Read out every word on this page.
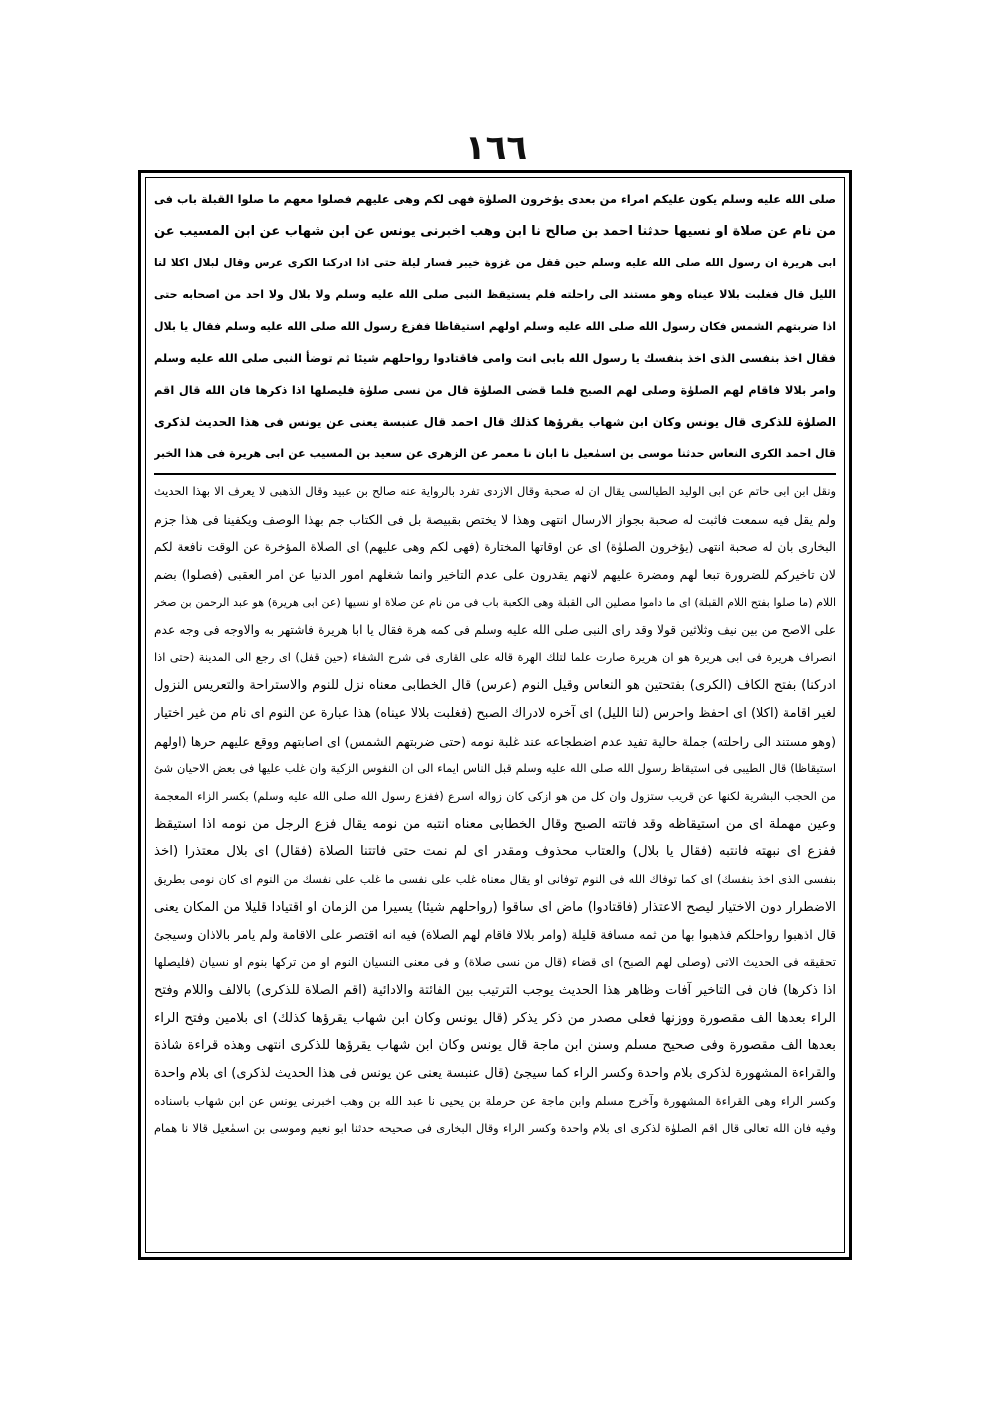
١٦٦
صلى الله عليه وسلم يكون عليكم امراء من بعدى يؤخرون الصلوٰة فهى لكم وهى عليهم فصلوا معهم ما صلوا القبلة باب فى
من نام عن صلاة او نسيها حدثنا احمد بن صالح نا ابن وهب اخبرنى يونس عن ابن شهاب عن ابن المسيب عن
ابى هريرة ان رسول الله صلى الله عليه وسلم حين قفل من غزوة خيبر فسار ليلة حتى اذا ادركنا الكرى عرس وقال لبلال اكلا لنا
الليل قال فغلبت بلالا عيناه وهو مستند الى راحلته فلم يستيقظ النبى صلى الله عليه وسلم ولا بلال ولا احد من اصحابه حتى
اذا ضربتهم الشمس فكان رسول الله صلى الله عليه وسلم اولهم استيقاظا ففزع رسول الله صلى الله عليه وسلم فقال يا بلال
فقال اخذ بنفسى الذى اخذ بنفسك يا رسول الله بابى انت وامى فاقتادوا رواحلهم شيئا ثم توضأ النبى صلى الله عليه وسلم
وامر بلالا فاقام لهم الصلوٰة وصلى لهم الصبح فلما قضى الصلوٰة قال من نسى صلوٰة فليصلها اذا ذكرها فان الله قال اقم
الصلوٰة للذكرى قال يونس وكان ابن شهاب يقرؤها كذلك قال احمد قال عنبسة يعنى عن يونس فى هذا الحديث لذكرى
قال احمد الكرى النعاس حدثنا موسى بن اسمٰعيل نا ابان نا معمر عن الزهرى عن سعيد بن المسيب عن ابى هريرة فى هذا الخبر
ونقل ابن ابى حاتم عن ابى الوليد الطيالسى يقال ان له صحبة وقال الازدى تفرد بالرواية عنه صالح بن عبيد وقال الذهبى لا يعرف الا بهذا الحديث
ولم يقل فيه سمعت فاثبت له صحبة بجواز الارسال انتهى وهذا لا يختص بقبيصة بل فى الكتاب جم بهذا الوصف ويكفينا فى هذا جزم
البخارى بان له صحبة انتهى (يؤخرون الصلوٰة) اى عن اوقاتها المختارة (فهى لكم وهى عليهم) اى الصلاة المؤخرة عن الوقت نافعة لكم
لان تاخيركم للضرورة تبعا لهم ومضرة عليهم لانهم يقدرون على عدم التاخير وانما شغلهم امور الدنيا عن امر العقبى (فصلوا) بضم
اللام (ما صلوا بفتح اللام القبلة) اى ما داموا مصلين الى القبلة وهى الكعبة باب فى من نام عن صلاة او نسيها (عن ابى هريرة) هو عبد الرحمن بن صخر
على الاصح من بين نيف وثلاثين قولا وقد راى النبى صلى الله عليه وسلم فى كمه هرة فقال يا ابا هريرة فاشتهر به والاوجه فى وجه عدم
انصراف هريرة فى ابى هريرة هو ان هريرة صارت علما لتلك الهرة قاله على القارى فى شرح الشفاء (حين قفل) اى رجع الى المدينة (حتى اذا
ادركنا) بفتح الكاف (الكرى) بفتحتين هو النعاس وقيل النوم (عرس) قال الخطابى معناه نزل للنوم والاستراحة والتعريس النزول
لغير اقامة (اكلا) اى احفظ واحرس (لنا الليل) اى آخره لادراك الصبح (فغلبت بلالا عيناه) هذا عبارة عن النوم اى نام من غير اختيار
(وهو مستند الى راحلته) جملة حالية تفيد عدم اضطجاعه عند غلبة نومه (حتى ضربتهم الشمس) اى اصابتهم ووقع عليهم حرها (اولهم
استيقاظا) قال الطيبى فى استيقاظ رسول الله صلى الله عليه وسلم قبل الناس ايماء الى ان النفوس الزكية وان غلب عليها فى بعض الاحيان شئ
من الحجب البشرية لكنها عن قريب ستزول وان كل من هو ازكى كان زواله اسرع (ففزع رسول الله صلى الله عليه وسلم) بكسر الزاء المعجمة
وعين مهملة اى من استيقاظه وقد فاتته الصبح وقال الخطابى معناه انتبه من نومه يقال فزع الرجل من نومه اذا استيقظ
ففزع اى نبهته فانتبه (فقال يا بلال) والعتاب محذوف ومقدر اى لم نمت حتى فاتتنا الصلاة (فقال) اى بلال معتذرا (اخذ
بنفسى الذى اخذ بنفسك) اى كما توفاك الله فى النوم توفانى او يقال معناه غلب على نفسى ما غلب على نفسك من النوم اى كان نومى بطريق
الاضطرار دون الاختيار ليصح الاعتذار (فاقتادوا) ماض اى ساقوا (رواحلهم شيئا) يسيرا من الزمان او اقتيادا قليلا من المكان يعنى
قال اذهبوا رواحلكم فذهبوا بها من ثمه مسافة قليلة (وامر بلالا فاقام لهم الصلاة) فيه انه اقتصر على الاقامة ولم يامر بالاذان وسيجئ
تحقيقه فى الحديث الاتى (وصلى لهم الصبح) اى قضاء (قال من نسى صلاة) و فى معنى النسيان النوم او من تركها بنوم او نسيان (فليصلها
اذا ذكرها) فان فى التاخير آفات وظاهر هذا الحديث يوجب الترتيب بين الفائتة والادائية (اقم الصلاة للذكرى) بالالف واللام وفتح
الراء بعدها الف مقصورة ووزنها فعلى مصدر من ذكر يذكر (قال يونس وكان ابن شهاب يقرؤها كذلك) اى بلامين وفتح الراء
بعدها الف مقصورة وفى صحيح مسلم وسنن ابن ماجة قال يونس وكان ابن شهاب يقرؤها للذكرى انتهى وهذه قراءة شاذة
والقراءة المشهورة لذكرى بلام واحدة وكسر الراء كما سيجئ (قال عنبسة يعنى عن يونس فى هذا الحديث لذكرى) اى بلام واحدة
وكسر الراء وهى القراءة المشهورة وآخرج مسلم وابن ماجة عن حرملة بن يحيى نا عبد الله بن وهب اخبرنى يونس عن ابن شهاب باسناده
وفيه فان الله تعالى قال اقم الصلوٰة لذكرى اى بلام واحدة وكسر الراء وقال البخارى فى صحيحه حدثنا ابو نعيم وموسى بن اسمٰعيل قالا نا همام
